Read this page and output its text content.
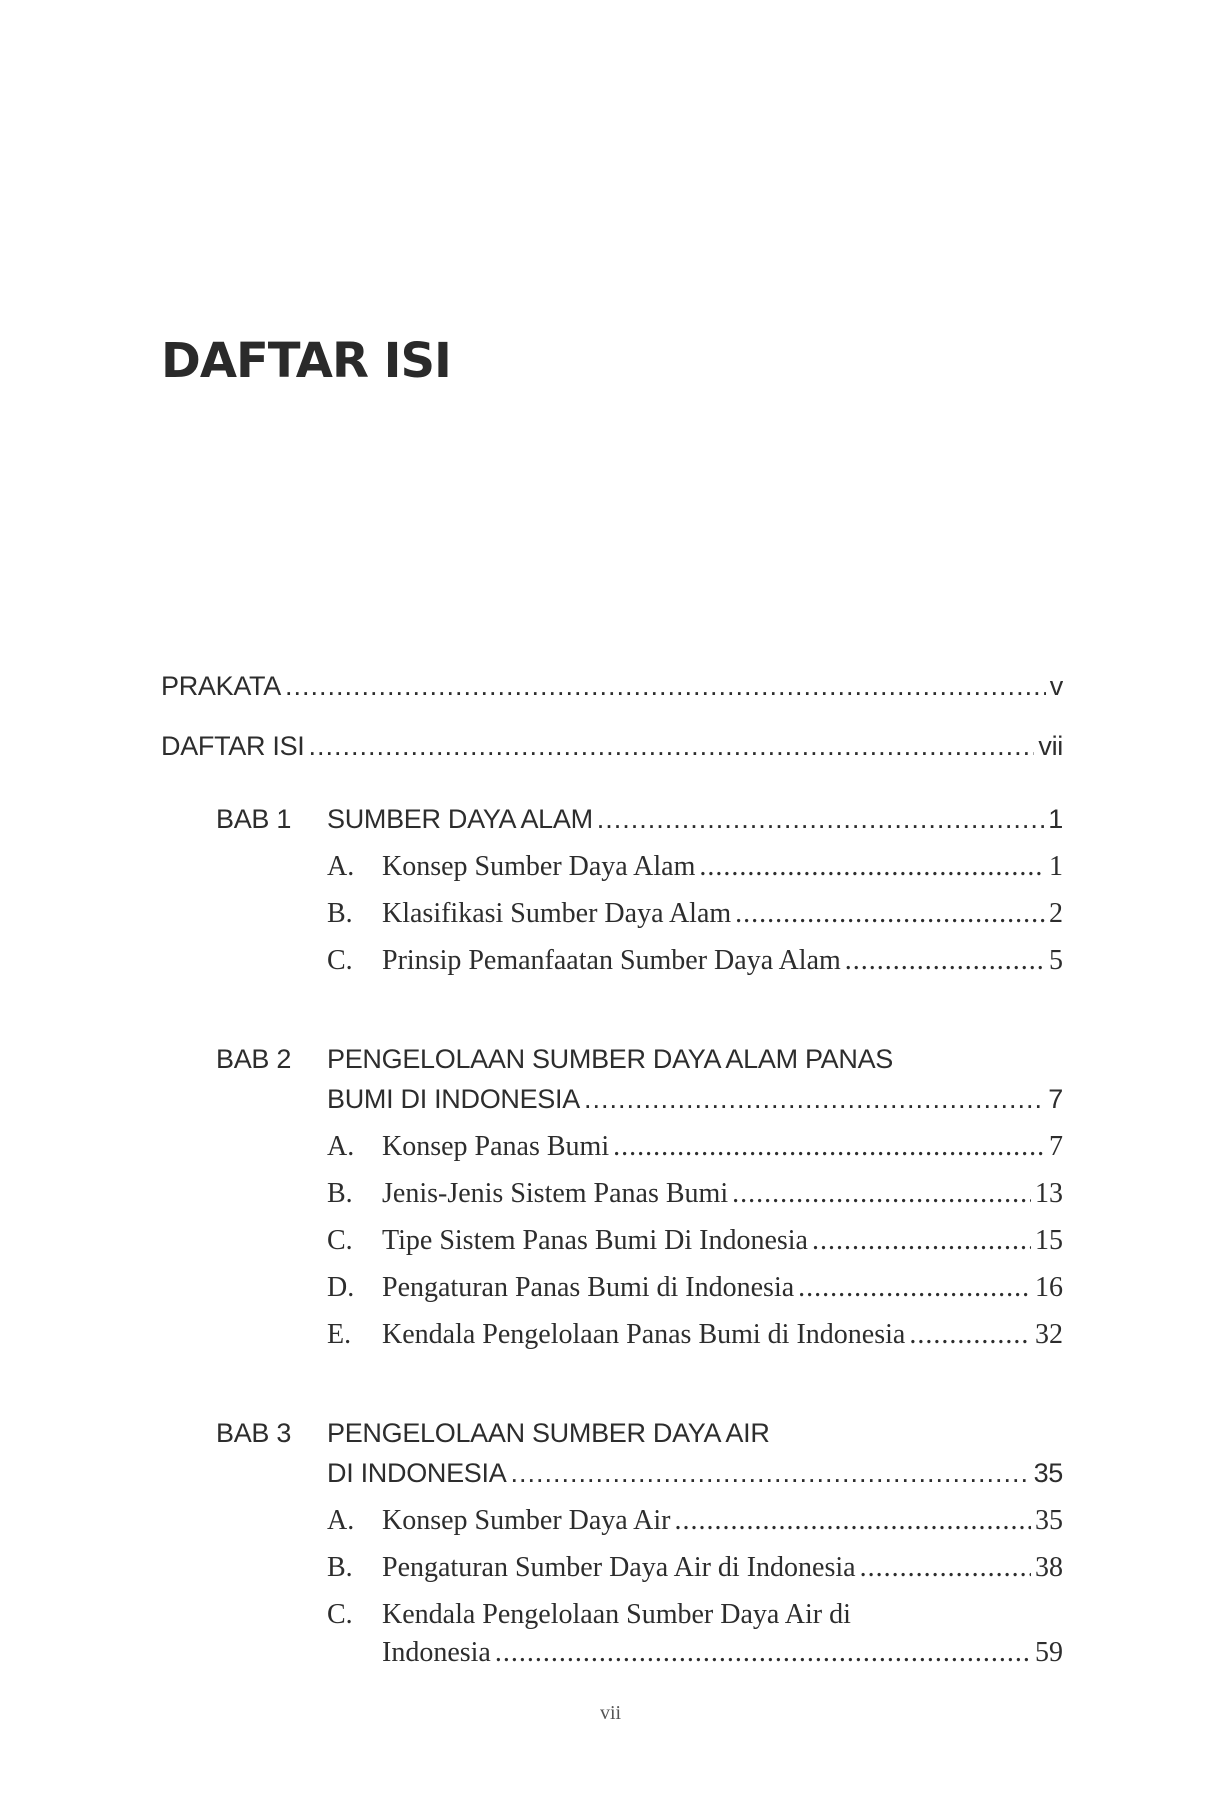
DAFTAR ISI
PRAKATA .....	v
DAFTAR ISI .....	vii
BAB 1 SUMBER DAYA ALAM .....	1
A. Konsep Sumber Daya Alam .....	1
B. Klasifikasi Sumber Daya Alam .....	2
C. Prinsip Pemanfaatan Sumber Daya Alam .....	5
BAB 2 PENGELOLAAN SUMBER DAYA ALAM PANAS
BUMI DI INDONESIA .....	7
A. Konsep Panas Bumi .....	7
B. Jenis-Jenis Sistem Panas Bumi .....	13
C. Tipe Sistem Panas Bumi Di Indonesia .....	15
D. Pengaturan Panas Bumi di Indonesia .....	16
E. Kendala Pengelolaan Panas Bumi di Indonesia .....	32
BAB 3 PENGELOLAAN SUMBER DAYA AIR
DI INDONESIA .....	35
A. Konsep Sumber Daya Air .....	35
B. Pengaturan Sumber Daya Air di Indonesia .....	38
C. Kendala Pengelolaan Sumber Daya Air di
Indonesia .....	59
vii
